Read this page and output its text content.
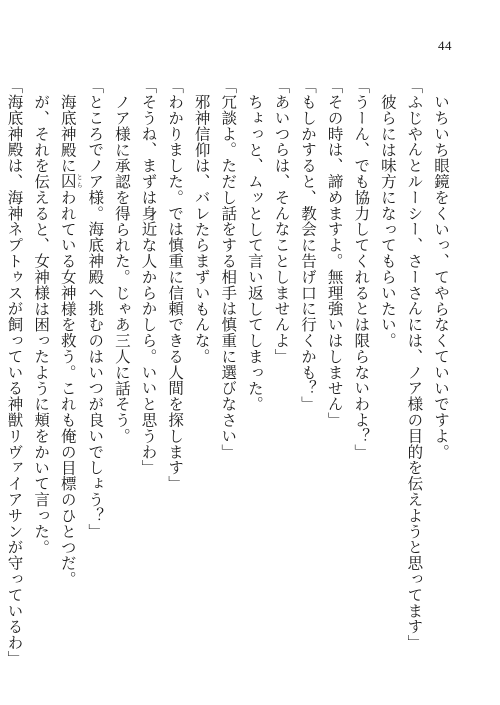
44
いちいち眼鏡をくいっ、てやらなくていいですよ。
「ふじやんとルーシー、さーさんには、ノア様の目的を伝えようと思ってます」
彼らには味方になってもらいたい。
「うーん、でも協力してくれるとは限らないわよ？」
「その時は、諦めますよ。無理強いはしません」
「もしかすると、教会に告げ口に行くかも？」
「あいつらは、そんなことしませんよ」
ちょっと、ムッとして言い返してしまった。
「冗談よ。ただし話をする相手は慎重に選びなさい」
邪神信仰は、バレたらまずいもんな。
「わかりました。では慎重に信頼できる人間を探します」
「そうね、まずは身近な人からかしら。いいと思うわ」
ノア様に承認を得られた。じゃあ三人に話そう。
「ところでノア様。海底神殿へ挑むのはいつが良いでしょう？」
海底神殿に囚とらわれている女神様を救う。これも俺の目標のひとつだ。
が、それを伝えると、女神様は困ったように頬をかいて言った。
「海底神殿は、海神ネプトゥスが飼っている神獣リヴァイアサンが守っているわ」
